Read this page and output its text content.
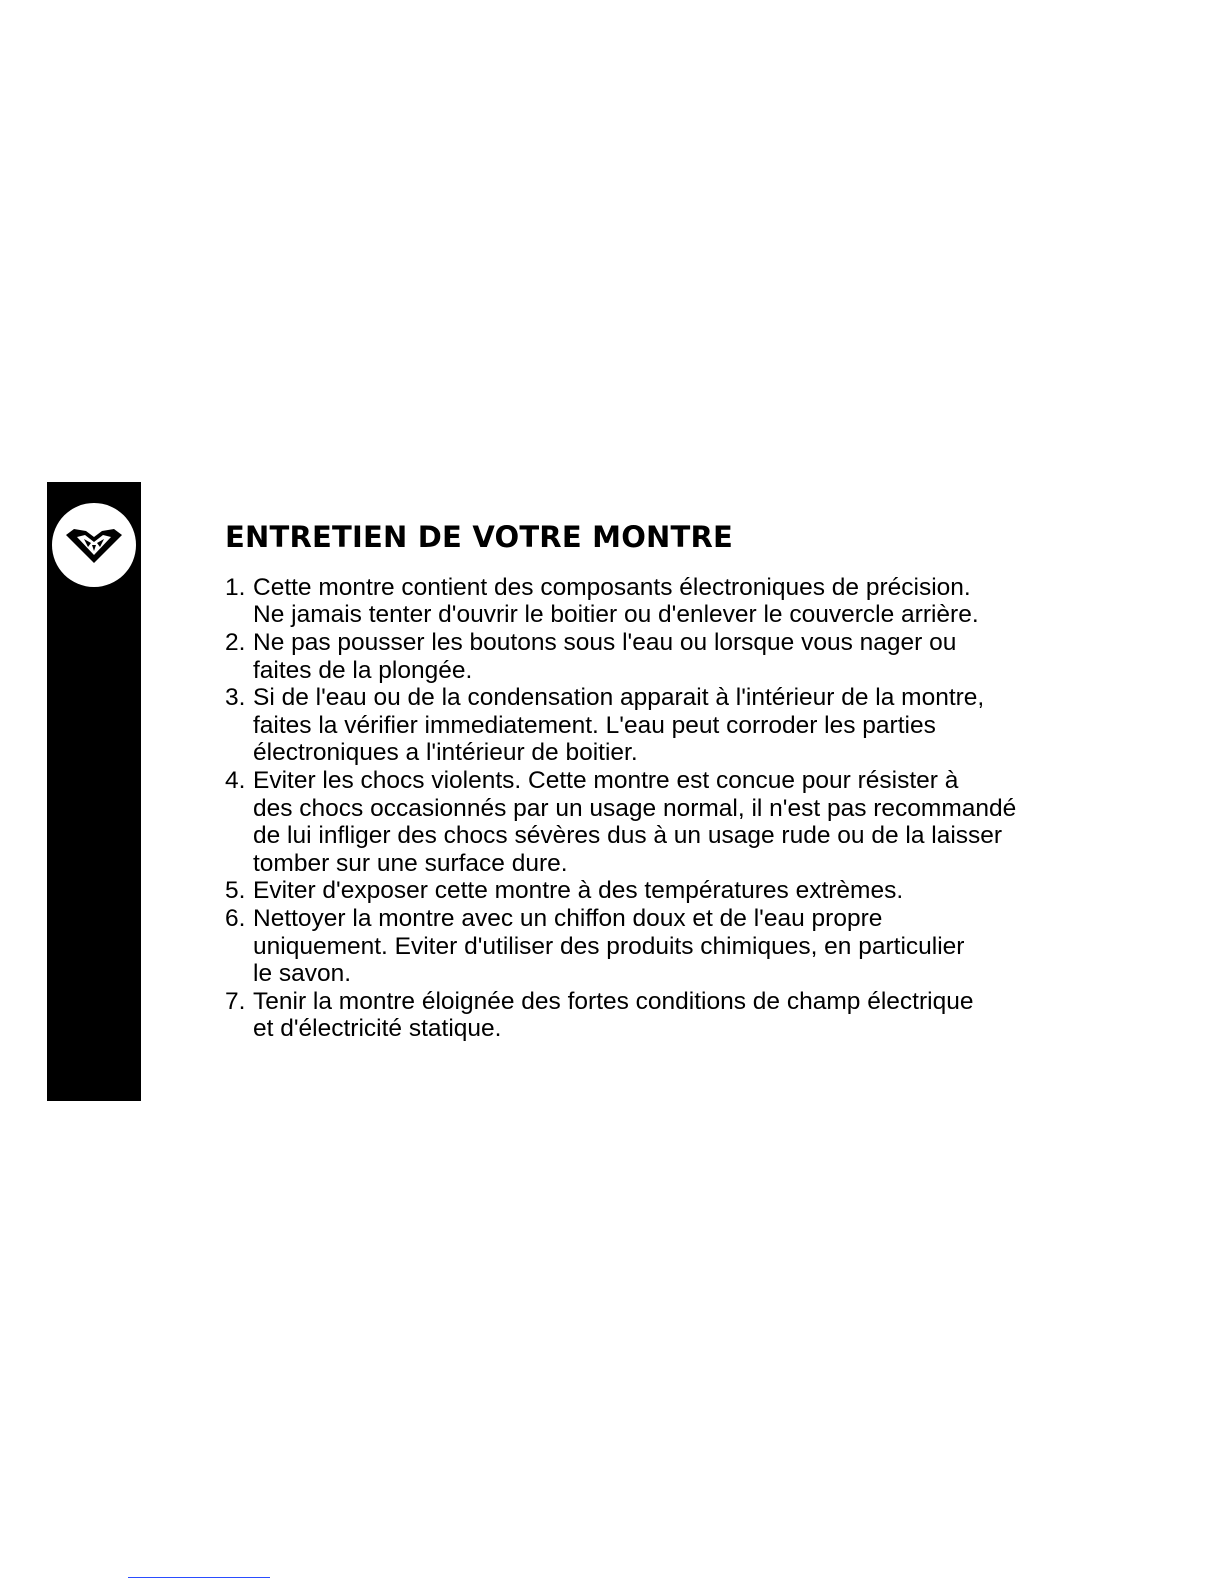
ENTRETIEN DE VOTRE MONTRE
1. Cette montre contient des composants électroniques de précision.
Ne jamais tenter d'ouvrir le boitier ou d'enlever le couvercle arrière.
2. Ne pas pousser les boutons sous l'eau ou lorsque vous nager ou
faites de la plongée.
3. Si de l'eau ou de la condensation apparait à l'intérieur de la montre,
faites la vérifier immediatement. L'eau peut corroder les parties
électroniques a l'intérieur de boitier.
4. Eviter les chocs violents. Cette montre est concue pour résister à
des chocs occasionnés par un usage normal, il n'est pas recommandé
de lui infliger des chocs sévères dus à un usage rude ou de la laisser
tomber sur une surface dure.
5. Eviter d'exposer cette montre à des températures extrèmes.
6. Nettoyer la montre avec un chiffon doux et de l'eau propre
uniquement. Eviter d'utiliser des produits chimiques, en particulier
le savon.
7. Tenir la montre éloignée des fortes conditions de champ électrique
et d'électricité statique.
